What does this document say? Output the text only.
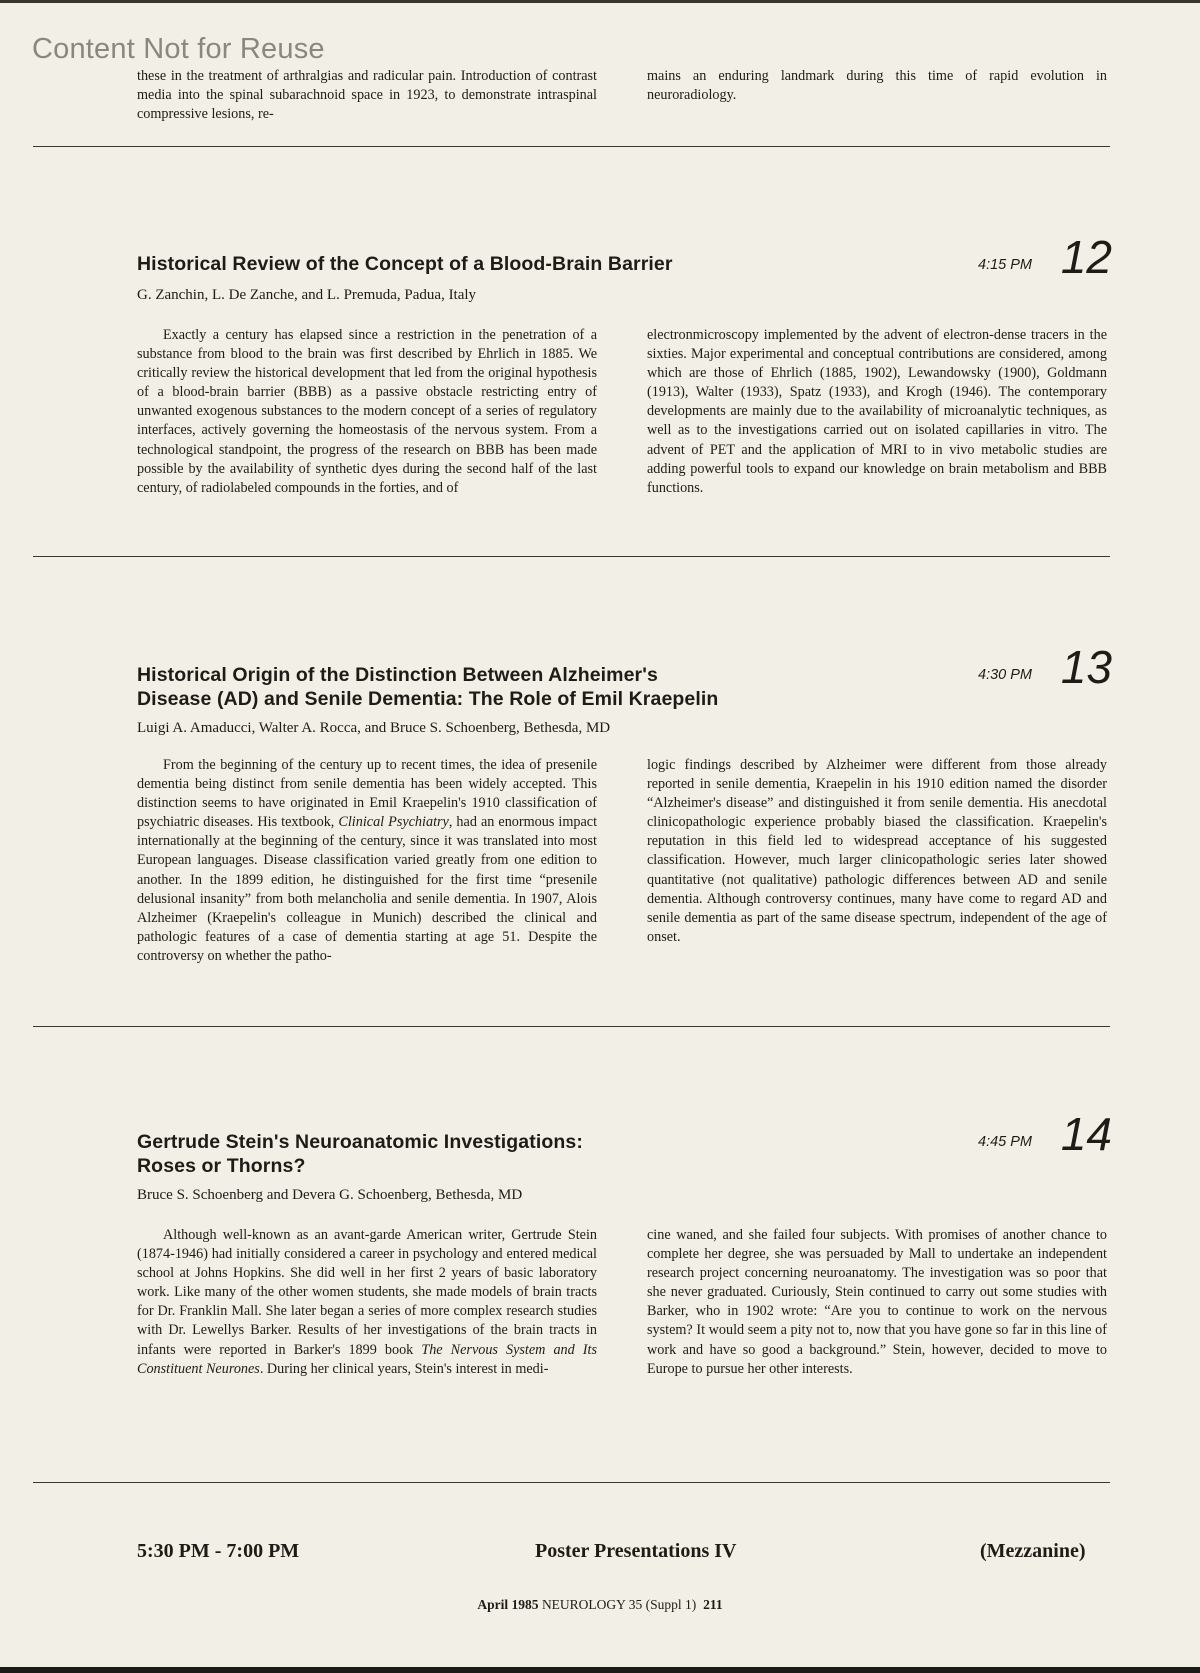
Content Not for Reuse
these in the treatment of arthralgias and radicular pain. Introduction of contrast media into the spinal subarachnoid space in 1923, to demonstrate intraspinal compressive lesions, re-
mains an enduring landmark during this time of rapid evolution in neuroradiology.
Historical Review of the Concept of a Blood-Brain Barrier	4:15 PM 12
G. Zanchin, L. De Zanche, and L. Premuda, Padua, Italy

Exactly a century has elapsed since a restriction in the penetration of a substance from blood to the brain was first described by Ehrlich in 1885. We critically review the historical development that led from the original hypothesis of a blood-brain barrier (BBB) as a passive obstacle restricting entry of unwanted exogenous substances to the modern concept of a series of regulatory interfaces, actively governing the homeostasis of the nervous system. From a technological standpoint, the progress of the research on BBB has been made possible by the availability of synthetic dyes during the second half of the last century, of radiolabeled compounds in the forties, and of

electronmicroscopy implemented by the advent of electron-dense tracers in the sixties. Major experimental and conceptual contributions are considered, among which are those of Ehrlich (1885, 1902), Lewandowsky (1900), Goldmann (1913), Walter (1933), Spatz (1933), and Krogh (1946). The contemporary developments are mainly due to the availability of microanalytic techniques, as well as to the investigations carried out on isolated capillaries in vitro. The advent of PET and the application of MRI to in vivo metabolic studies are adding powerful tools to expand our knowledge on brain metabolism and BBB functions.
Historical Origin of the Distinction Between Alzheimer's
Disease (AD) and Senile Dementia: The Role of Emil Kraepelin
4:30 PM 13
Luigi A. Amaducci, Walter A. Rocca, and Bruce S. Schoenberg, Bethesda, MD

From the beginning of the century up to recent times, the idea of presenile dementia being distinct from senile dementia has been widely accepted. This distinction seems to have originated in Emil Kraepelin's 1910 classification of psychiatric diseases. His textbook, Clinical Psychiatry, had an enormous impact internationally at the beginning of the century, since it was translated into most European languages. Disease classification varied greatly from one edition to another. In the 1899 edition, he distinguished for the first time “presenile delusional insanity” from both melancholia and senile dementia. In 1907, Alois Alzheimer (Kraepelin's colleague in Munich) described the clinical and pathologic features of a case of dementia starting at age 51. Despite the controversy on whether the patho-

logic findings described by Alzheimer were different from those already reported in senile dementia, Kraepelin in his 1910 edition named the disorder “Alzheimer's disease” and distinguished it from senile dementia. His anecdotal clinicopathologic experience probably biased the classification. Kraepelin's reputation in this field led to widespread acceptance of his suggested classification. However, much larger clinicopathologic series later showed quantitative (not qualitative) pathologic differences between AD and senile dementia. Although controversy continues, many have come to regard AD and senile dementia as part of the same disease spectrum, independent of the age of onset.
Gertrude Stein's Neuroanatomic Investigations:
Roses or Thorns?
4:45 PM 14
Bruce S. Schoenberg and Devera G. Schoenberg, Bethesda, MD

Although well-known as an avant-garde American writer, Gertrude Stein (1874-1946) had initially considered a career in psychology and entered medical school at Johns Hopkins. She did well in her first 2 years of basic laboratory work. Like many of the other women students, she made models of brain tracts for Dr. Franklin Mall. She later began a series of more complex research studies with Dr. Lewellys Barker. Results of her investigations of the brain tracts in infants were reported in Barker's 1899 book The Nervous System and Its Constituent Neurones. During her clinical years, Stein's interest in medi-

cine waned, and she failed four subjects. With promises of another chance to complete her degree, she was persuaded by Mall to undertake an independent research project concerning neuroanatomy. The investigation was so poor that she never graduated. Curiously, Stein continued to carry out some studies with Barker, who in 1902 wrote: “Are you to continue to work on the nervous system? It would seem a pity not to, now that you have gone so far in this line of work and have so good a background.” Stein, however, decided to move to Europe to pursue her other interests.
5:30 PM - 7:00 PM	Poster Presentations IV	(Mezzanine)
April 1985 NEUROLOGY 35 (Suppl 1) 211
